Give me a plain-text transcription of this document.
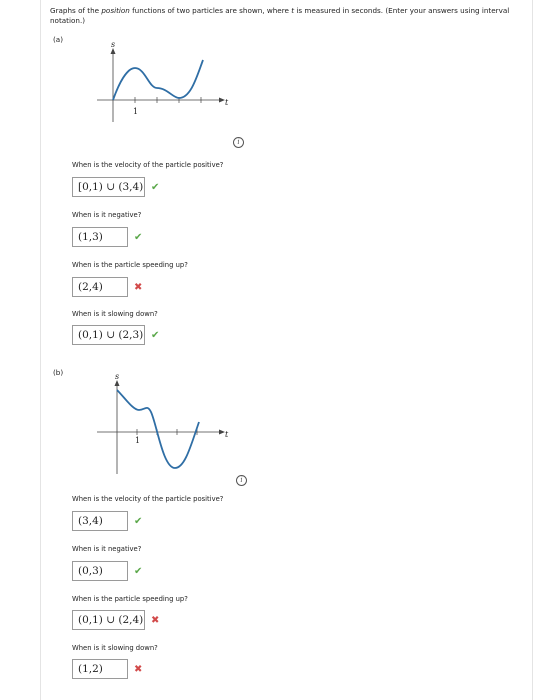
Graphs of the position functions of two particles are shown, where t is measured in seconds. (Enter your answers using interval notation.)
(a)
1
s
t
i
When is the velocity of the particle positive?
[0,1) ∪ (3,4) ✔
When is it negative?
(1,3)	✔
When is the particle speeding up?
(2,4)	✖
When is it slowing down?
(0,1) ∪ (2,3) ✔
(b)
1
s
t
i
When is the velocity of the particle positive?
(3,4)	✔
When is it negative?
(0,3)	✔
When is the particle speeding up?
(0,1) ∪ (2,4) ✖
When is it slowing down?
(1,2)	✖
